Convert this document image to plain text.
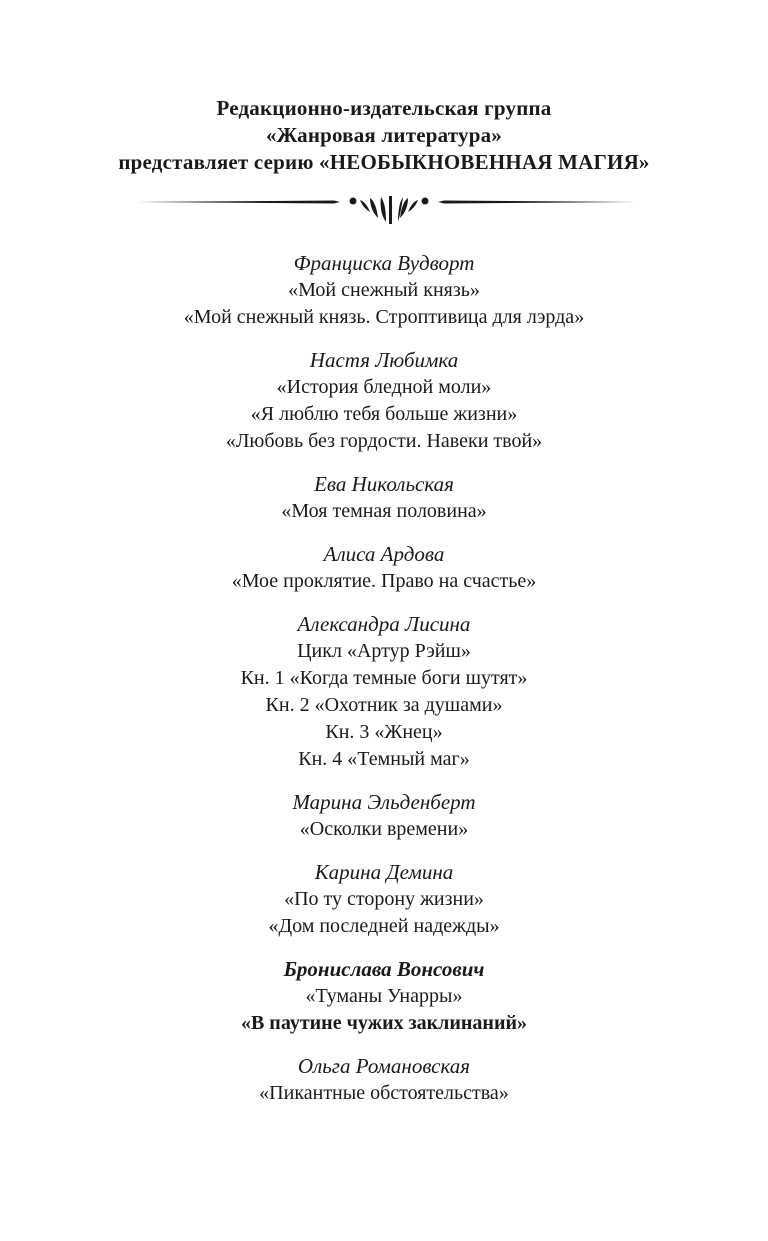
Редакционно-издательская группа
«Жанровая литература»
представляет серию «НЕОБЫКНОВЕННАЯ МАГИЯ»
Франциска Вудворт
«Мой снежный князь»
«Мой снежный князь. Строптивица для лэрда»
Настя Любимка
«История бледной моли»
«Я люблю тебя больше жизни»
«Любовь без гордости. Навеки твой»
Ева Никольская
«Моя темная половина»
Алиса Ардова
«Мое проклятие. Право на счастье»
Александра Лисина
Цикл «Артур Рэйш»
Кн. 1 «Когда темные боги шутят»
Кн. 2 «Охотник за душами»
Кн. 3 «Жнец»
Кн. 4 «Темный маг»
Марина Эльденберт
«Осколки времени»
Карина Демина
«По ту сторону жизни»
«Дом последней надежды»
Бронислава Вонсович
«Туманы Унарры»
«В паутине чужих заклинаний»
Ольга Романовская
«Пикантные обстоятельства»
